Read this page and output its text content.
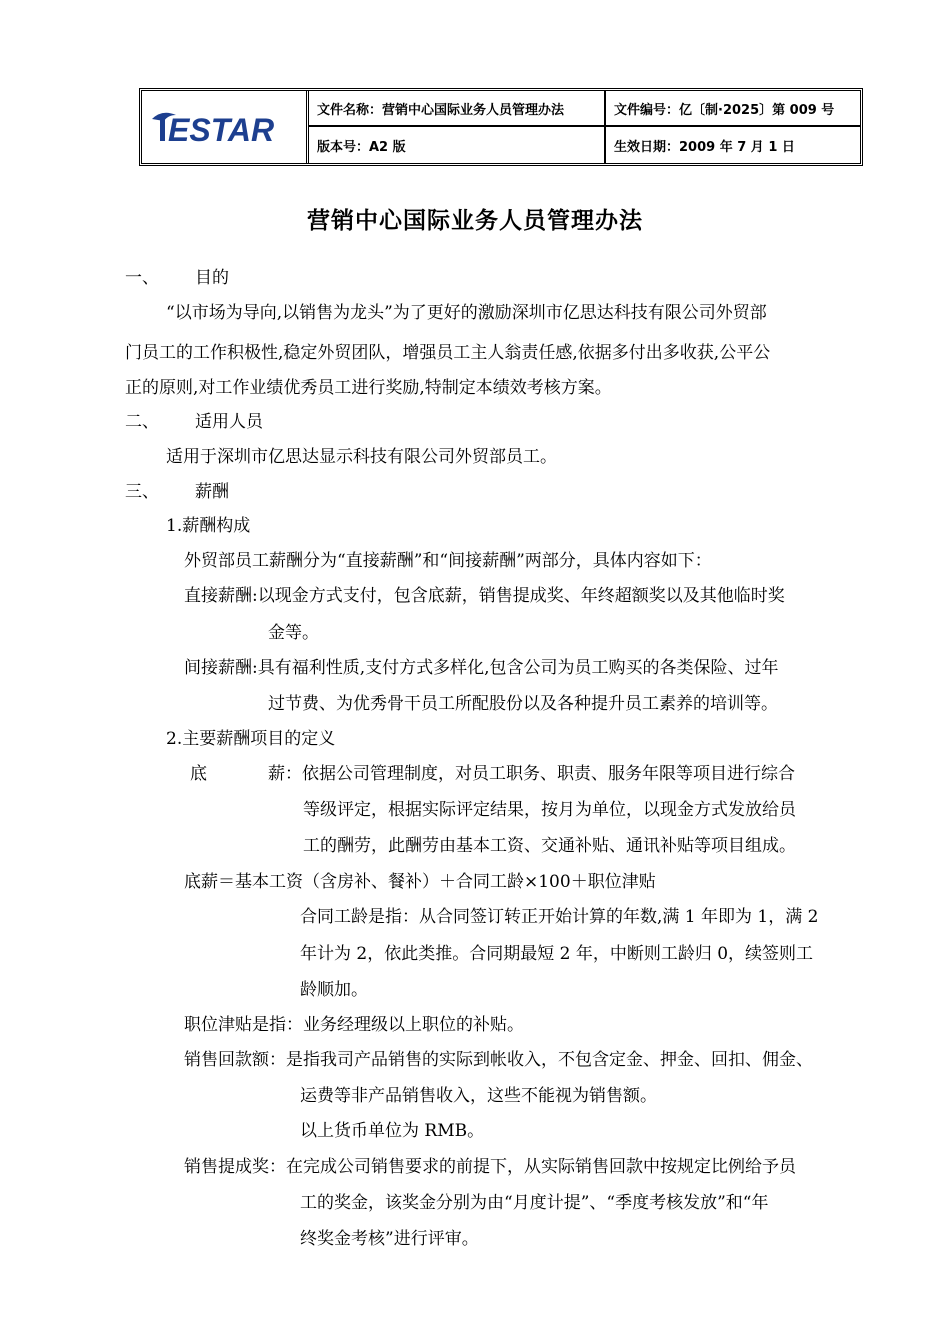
ESTAR
文件名称：营销中心国际业务人员管理办法	文件编号：亿〔制·2025〕第 009 号
版本号：A2 版	生效日期：2009 年 7 月 1 日
营销中心国际业务人员管理办法
一、 目的
“以市场为导向,以销售为龙头”为了更好的激励深圳市亿思达科技有限公司外贸部
门员工的工作积极性,稳定外贸团队，增强员工主人翁责任感,依据多付出多收获,公平公
正的原则,对工作业绩优秀员工进行奖励,特制定本绩效考核方案。
二、 适用人员
适用于深圳市亿思达显示科技有限公司外贸部员工。
三、 薪酬
1.薪酬构成
外贸部员工薪酬分为“直接薪酬”和“间接薪酬”两部分，具体内容如下：
直接薪酬:以现金方式支付，包含底薪，销售提成奖、年终超额奖以及其他临时奖
金等。
间接薪酬:具有福利性质,支付方式多样化,包含公司为员工购买的各类保险、过年
过节费、为优秀骨干员工所配股份以及各种提升员工素养的培训等。
2.主要薪酬项目的定义
底	薪：依据公司管理制度，对员工职务、职责、服务年限等项目进行综合
等级评定，根据实际评定结果，按月为单位，以现金方式发放给员
工的酬劳，此酬劳由基本工资、交通补贴、通讯补贴等项目组成。
底薪＝基本工资（含房补、餐补）＋合同工龄×100＋职位津贴
合同工龄是指：从合同签订转正开始计算的年数,满 1 年即为 1，满 2
年计为 2，依此类推。合同期最短 2 年，中断则工龄归 0，续签则工
龄顺加。
职位津贴是指：业务经理级以上职位的补贴。
销售回款额：是指我司产品销售的实际到帐收入，不包含定金、押金、回扣、佣金、
运费等非产品销售收入，这些不能视为销售额。
以上货币单位为 RMB。
销售提成奖：在完成公司销售要求的前提下，从实际销售回款中按规定比例给予员
工的奖金，该奖金分别为由“月度计提”、“季度考核发放”和“年
终奖金考核”进行评审。
